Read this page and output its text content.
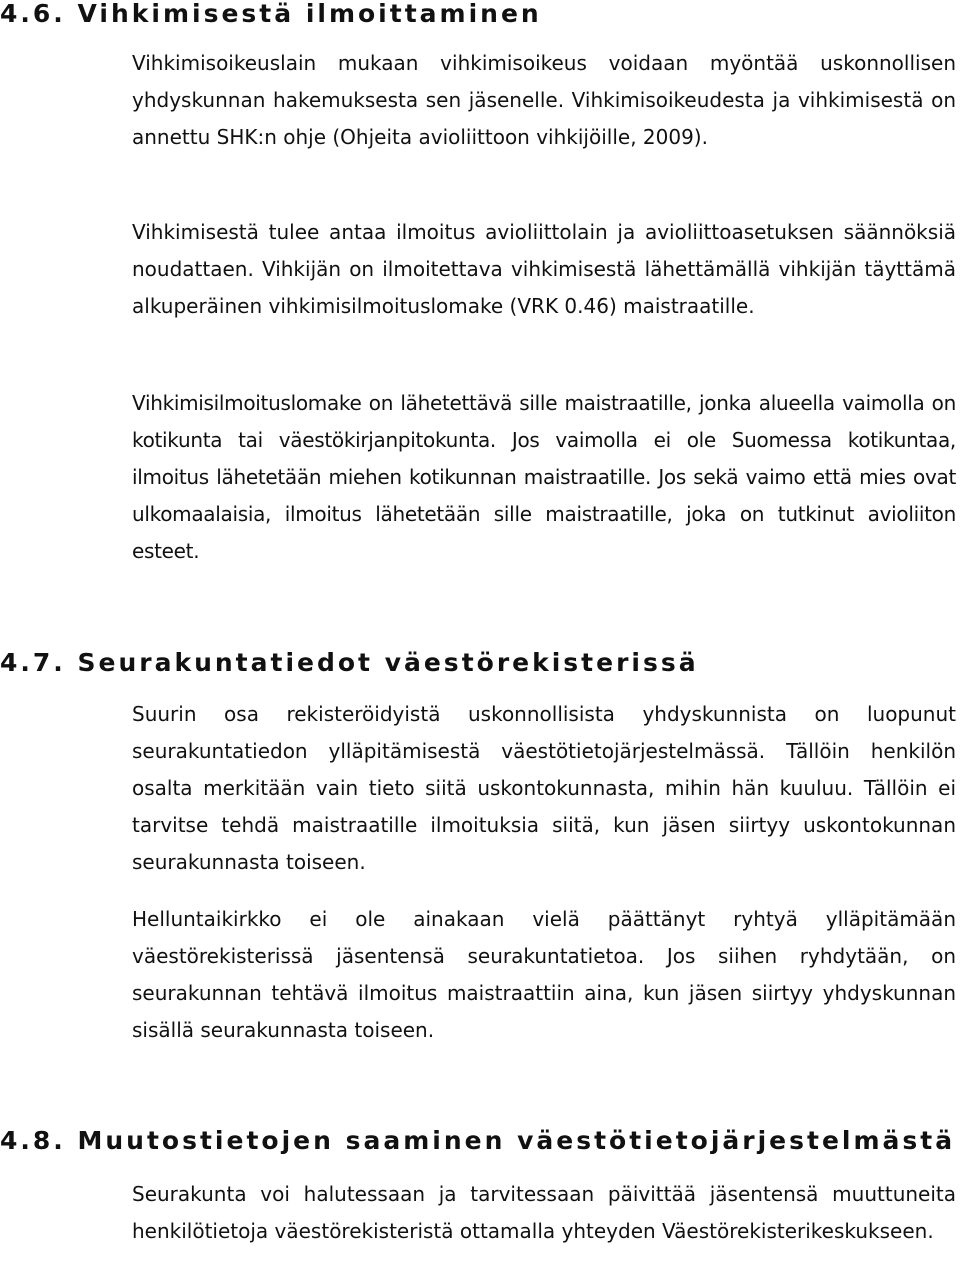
4.6. Vihkimisestä ilmoittaminen

Vihkimisoikeuslain mukaan vihkimisoikeus voidaan myöntää uskonnollisen yhdyskunnan hakemuksesta sen jäsenelle. Vihkimisoikeudesta ja vihkimisestä on annettu SHK:n ohje (Ohjeita avioliittoon vihkijöille, 2009).

Vihkimisestä tulee antaa ilmoitus avioliittolain ja avioliittoasetuksen säännöksiä noudattaen. Vihkijän on ilmoitettava vihkimisestä lähettämällä vihkijän täyttämä alkuperäinen vihkimisilmoituslomake (VRK 0.46) maistraatille.

Vihkimisilmoituslomake on lähetettävä sille maistraatille, jonka alueella vaimolla on kotikunta tai väestökirjanpitokunta. Jos vaimolla ei ole Suomessa kotikuntaa, ilmoitus lähetetään miehen kotikunnan maistraatille. Jos sekä vaimo että mies ovat ulkomaalaisia, ilmoitus lähetetään sille maistraatille, joka on tutkinut avioliiton esteet.

4.7. Seurakuntatiedot väestörekisterissä

Suurin osa rekisteröidyistä uskonnollisista yhdyskunnista on luopunut seurakuntatiedon ylläpitämisestä väestötietojärjestelmässä. Tällöin henkilön osalta merkitään vain tieto siitä uskontokunnasta, mihin hän kuuluu. Tällöin ei tarvitse tehdä maistraatille ilmoituksia siitä, kun jäsen siirtyy uskontokunnan seurakunnasta toiseen.

Helluntaikirkko ei ole ainakaan vielä päättänyt ryhtyä ylläpitämään väestörekisterissä jäsentensä seurakuntatietoa. Jos siihen ryhdytään, on seurakunnan tehtävä ilmoitus maistraattiin aina, kun jäsen siirtyy yhdyskunnan sisällä seurakunnasta toiseen.

4.8. Muutostietojen saaminen väestötietojärjestelmästä

Seurakunta voi halutessaan ja tarvitessaan päivittää jäsentensä muuttuneita henkilötietoja väestörekisteristä ottamalla yhteyden Väestörekisterikeskukseen.
